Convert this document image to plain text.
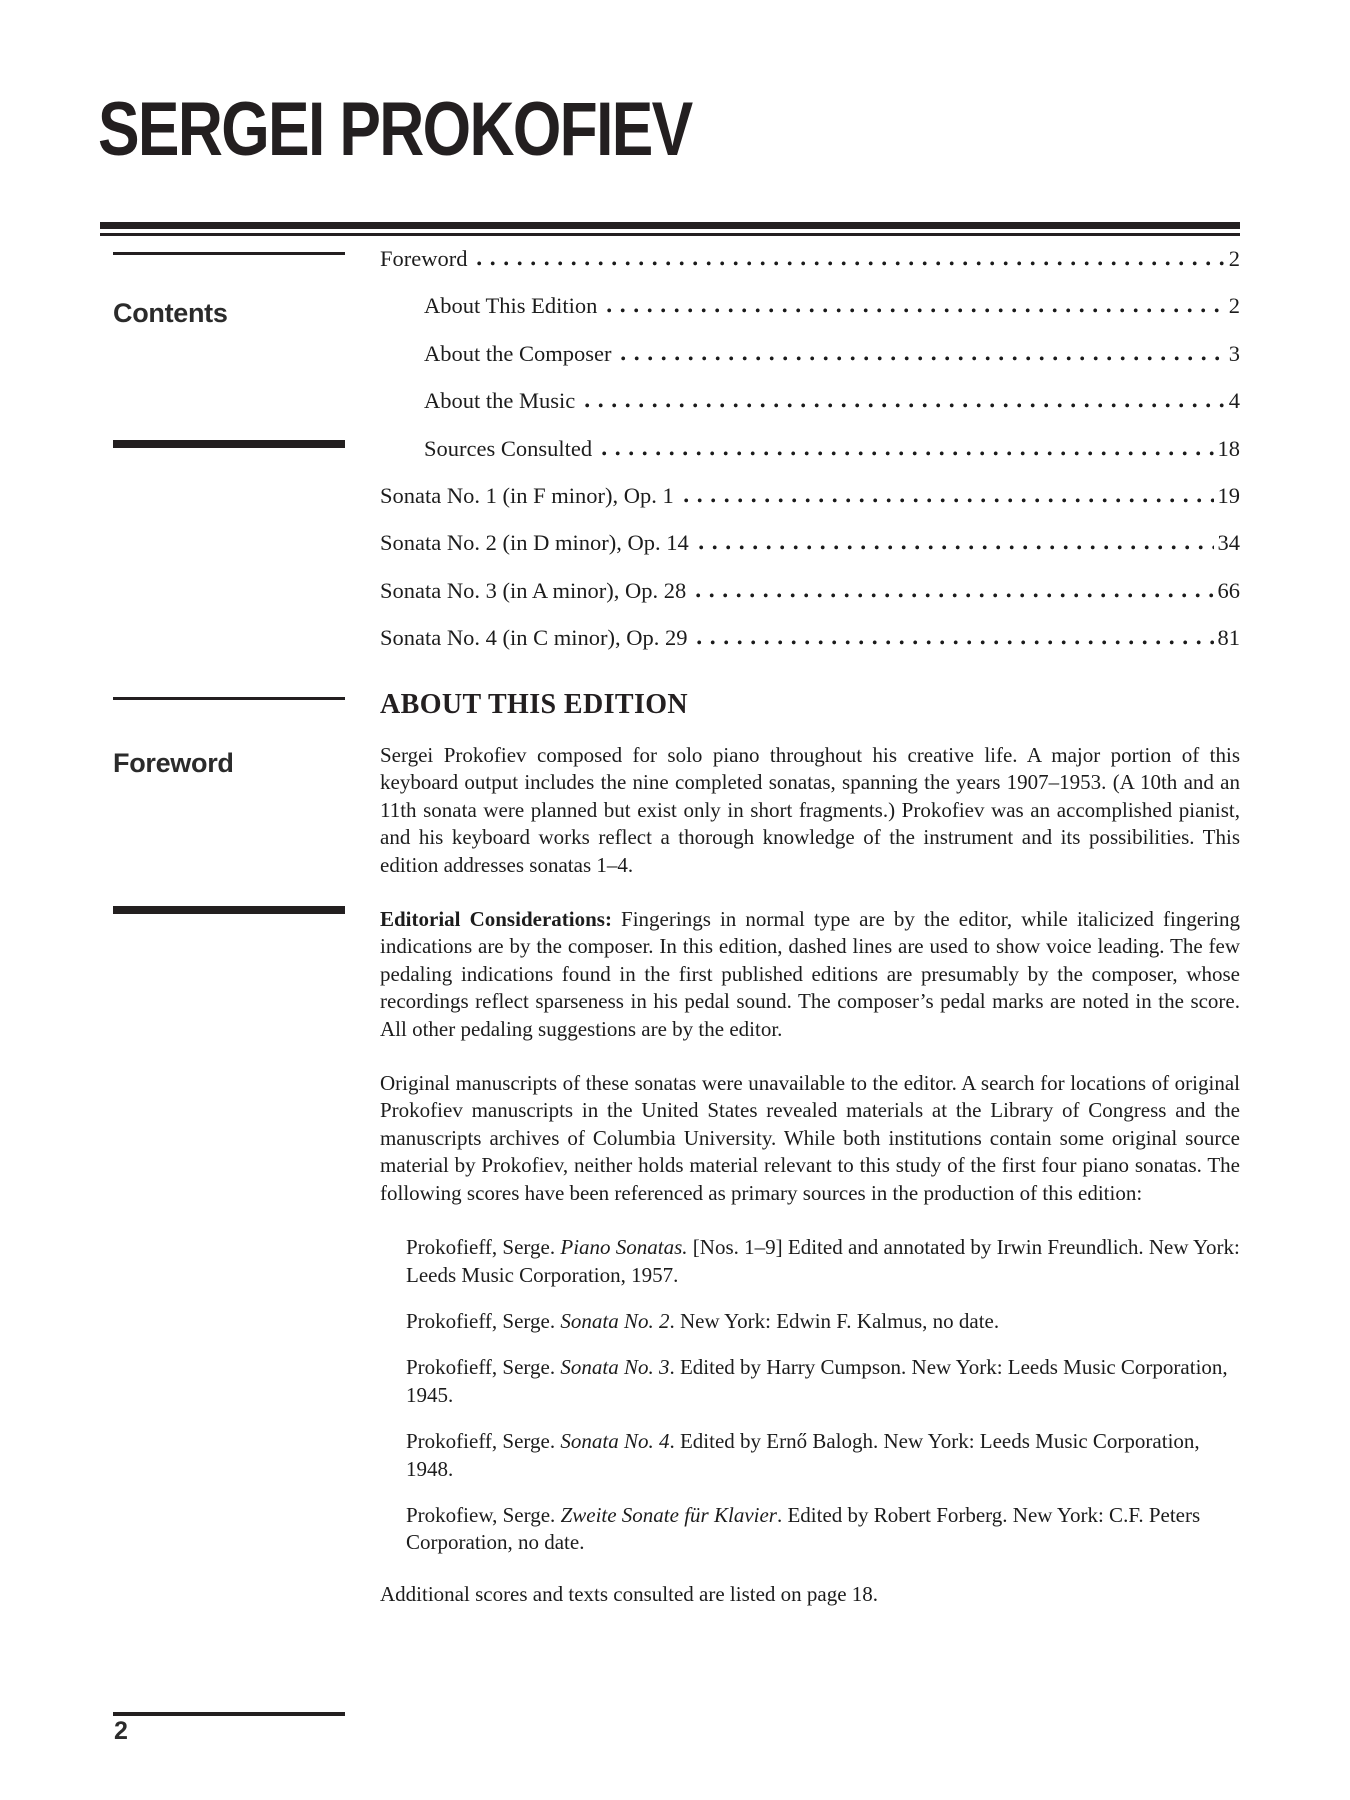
SERGEI PROKOFIEV
Contents
Foreword
2
Foreword	2
About This Edition	2
About the Composer	3
About the Music	4
Sources Consulted	18
Sonata No. 1 (in F minor), Op. 1	19
Sonata No. 2 (in D minor), Op. 14	34
Sonata No. 3 (in A minor), Op. 28	66
Sonata No. 4 (in C minor), Op. 29	81
ABOUT THIS EDITION

Sergei Prokofiev composed for solo piano throughout his creative life. A major portion of this keyboard output includes the nine completed sonatas, spanning the years 1907–1953. (A 10th and an 11th sonata were planned but exist only in short fragments.) Prokofiev was an accomplished pianist, and his keyboard works reflect a thorough knowledge of the instrument and its possibilities. This edition addresses sonatas 1–4.

Editorial Considerations: Fingerings in normal type are by the editor, while italicized fingering indications are by the composer. In this edition, dashed lines are used to show voice leading. The few pedaling indications found in the first published editions are presumably by the composer, whose recordings reflect sparseness in his pedal sound. The composer’s pedal marks are noted in the score. All other pedaling suggestions are by the editor.

Original manuscripts of these sonatas were unavailable to the editor. A search for locations of original Prokofiev manuscripts in the United States revealed materials at the Library of Congress and the manuscripts archives of Columbia University. While both institutions contain some original source material by Prokofiev, neither holds material relevant to this study of the first four piano sonatas. The following scores have been referenced as primary sources in the production of this edition:

Prokofieff, Serge. Piano Sonatas. [Nos. 1–9] Edited and annotated by Irwin Freundlich. New York: Leeds Music Corporation, 1957.
Prokofieff, Serge. Sonata No. 2. New York: Edwin F. Kalmus, no date.
Prokofieff, Serge. Sonata No. 3. Edited by Harry Cumpson. New York: Leeds Music Corporation, 1945.
Prokofieff, Serge. Sonata No. 4. Edited by Ernő Balogh. New York: Leeds Music Corporation, 1948.
Prokofiew, Serge. Zweite Sonate für Klavier. Edited by Robert Forberg. New York: C.F. Peters Corporation, no date.

Additional scores and texts consulted are listed on page 18.
